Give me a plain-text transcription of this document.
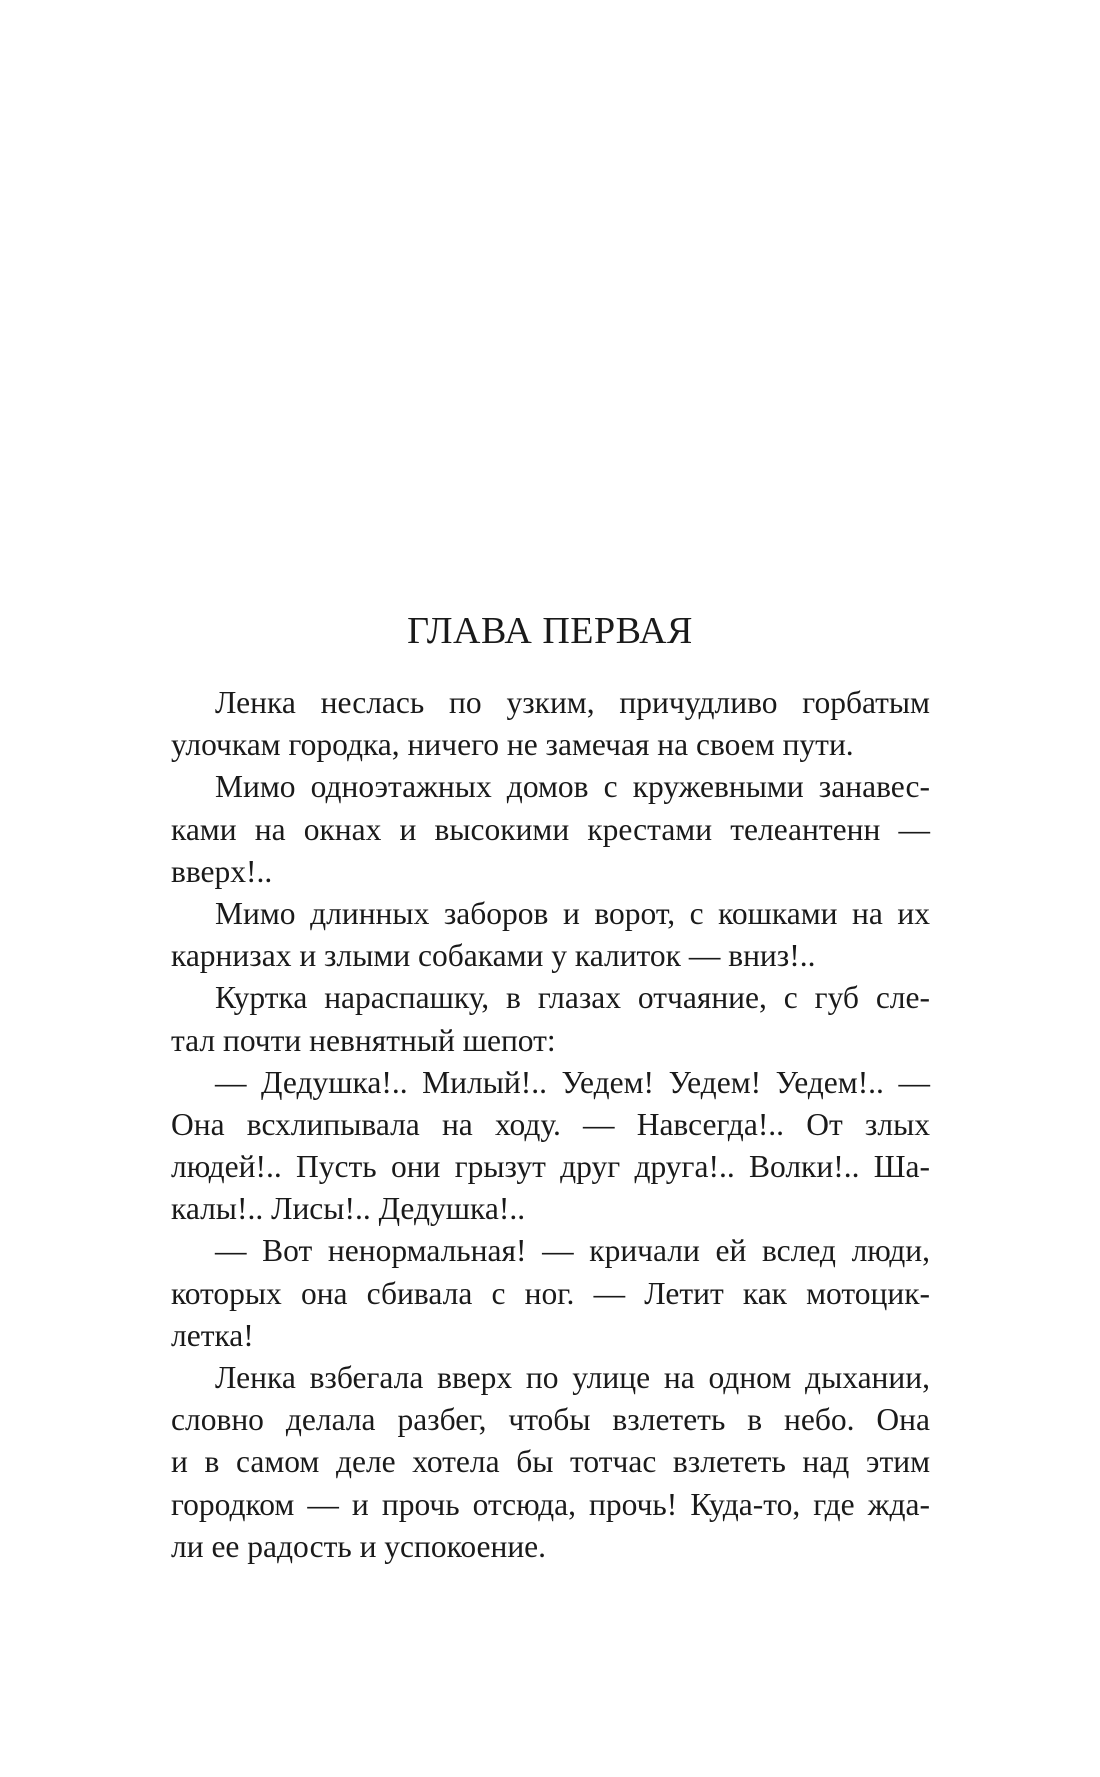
ГЛАВА ПЕРВАЯ
Ленка неслась по узким, причудливо горбатым
улочкам городка, ничего не замечая на своем пути.
Мимо одноэтажных домов с кружевными занавес-
ками на окнах и высокими крестами телеантенн —
вверх!..
Мимо длинных заборов и ворот, с кошками на их
карнизах и злыми собаками у калиток — вниз!..
Куртка нараспашку, в глазах отчаяние, с губ сле-
тал почти невнятный шепот:
— Дедушка!.. Милый!.. Уедем! Уедем! Уедем!.. —
Она всхлипывала на ходу. — Навсегда!.. От злых
людей!.. Пусть они грызут друг друга!.. Волки!.. Ша-
калы!.. Лисы!.. Дедушка!..
— Вот ненормальная! — кричали ей вслед люди,
которых она сбивала с ног. — Летит как мотоцик-
летка!
Ленка взбегала вверх по улице на одном дыхании,
словно делала разбег, чтобы взлететь в небо. Она
и в самом деле хотела бы тотчас взлететь над этим
городком — и прочь отсюда, прочь! Куда-то, где жда-
ли ее радость и успокоение.
